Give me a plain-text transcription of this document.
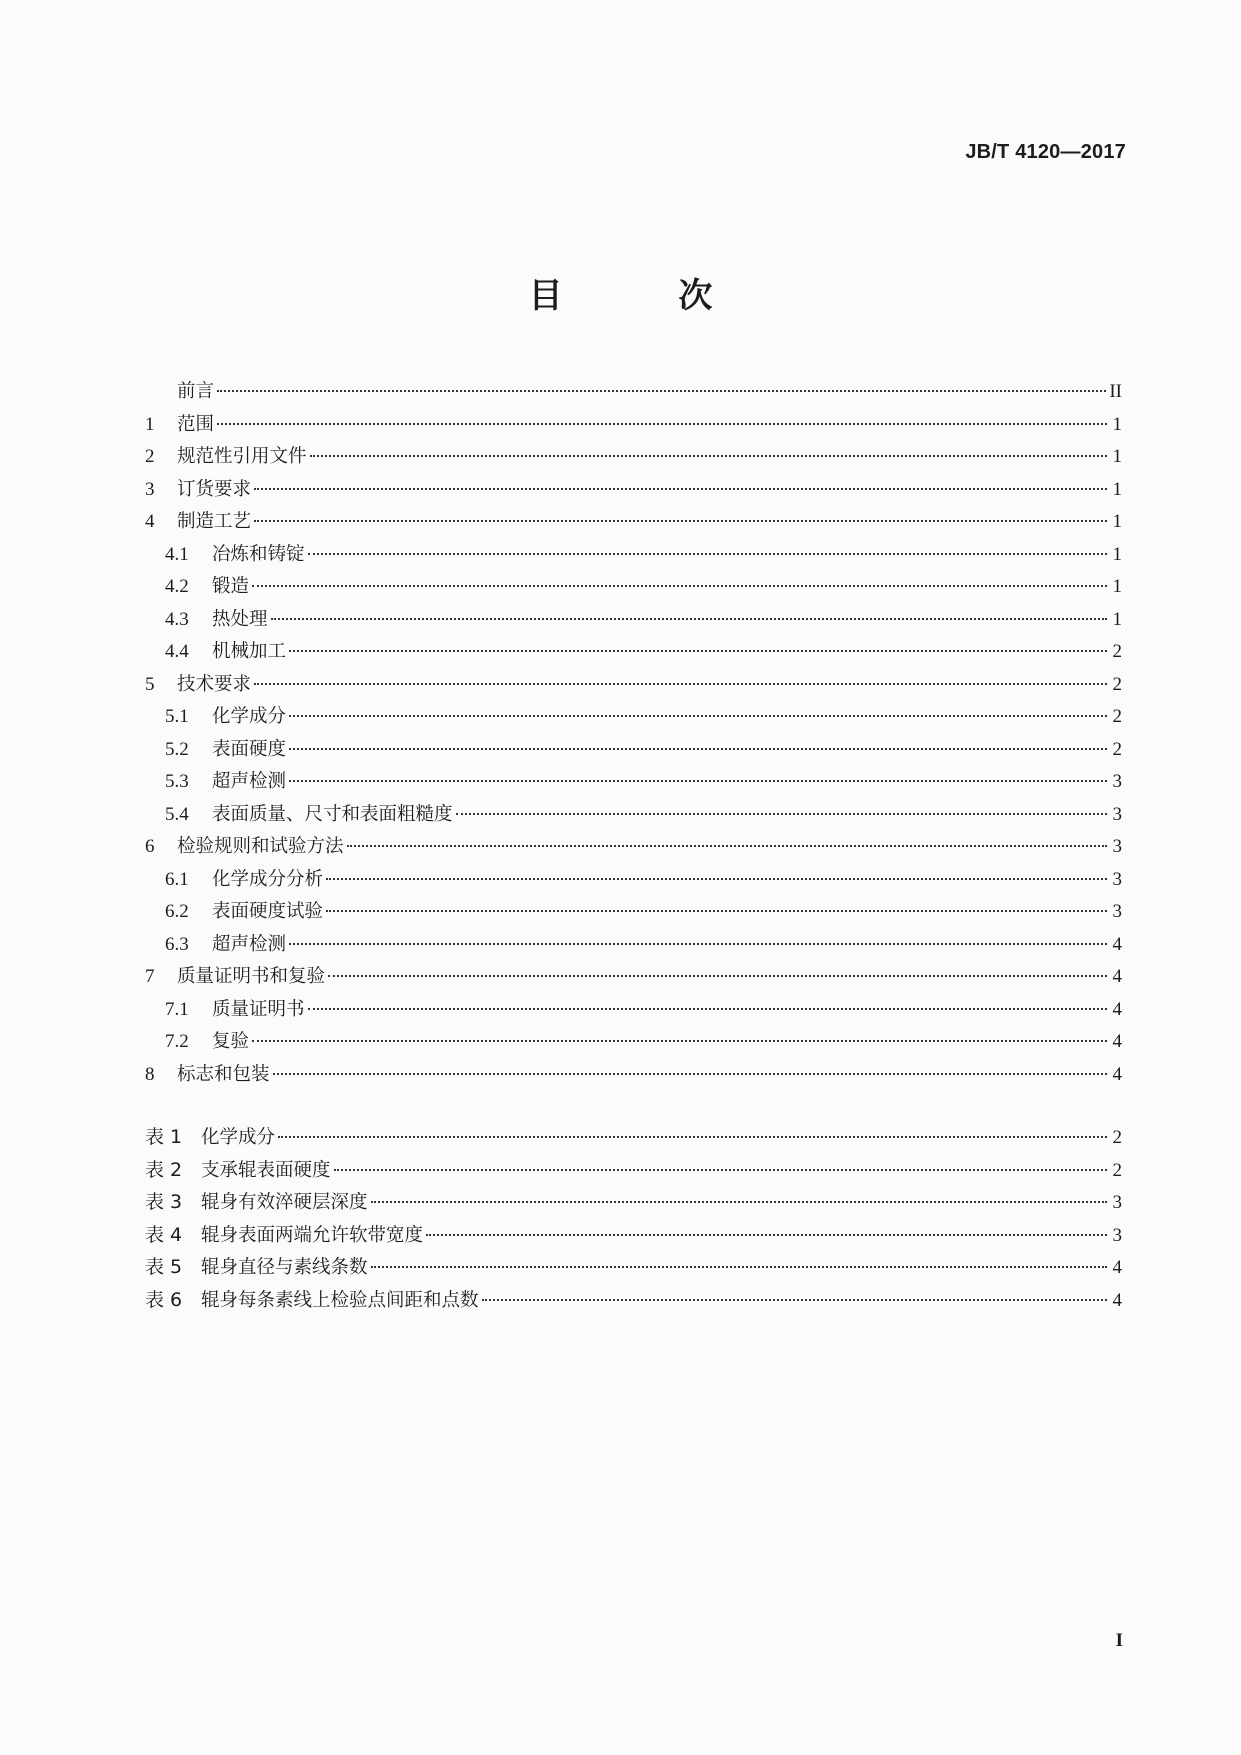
JB/T 4120—2017
目 次
前言	II
1	范围	1
2	规范性引用文件	1
3	订货要求	1
4	制造工艺	1
4.1	冶炼和铸锭	1
4.2	锻造	1
4.3	热处理	1
4.4	机械加工	2
5	技术要求	2
5.1	化学成分	2
5.2	表面硬度	2
5.3	超声检测	3
5.4	表面质量、尺寸和表面粗糙度	3
6	检验规则和试验方法	3
6.1	化学成分分析	3
6.2	表面硬度试验	3
6.3	超声检测	4
7	质量证明书和复验	4
7.1	质量证明书	4
7.2	复验	4
8	标志和包装	4
表 1	化学成分	2
表 2	支承辊表面硬度	2
表 3	辊身有效淬硬层深度	3
表 4	辊身表面两端允许软带宽度	3
表 5	辊身直径与素线条数	4
表 6	辊身每条素线上检验点间距和点数	4
I
